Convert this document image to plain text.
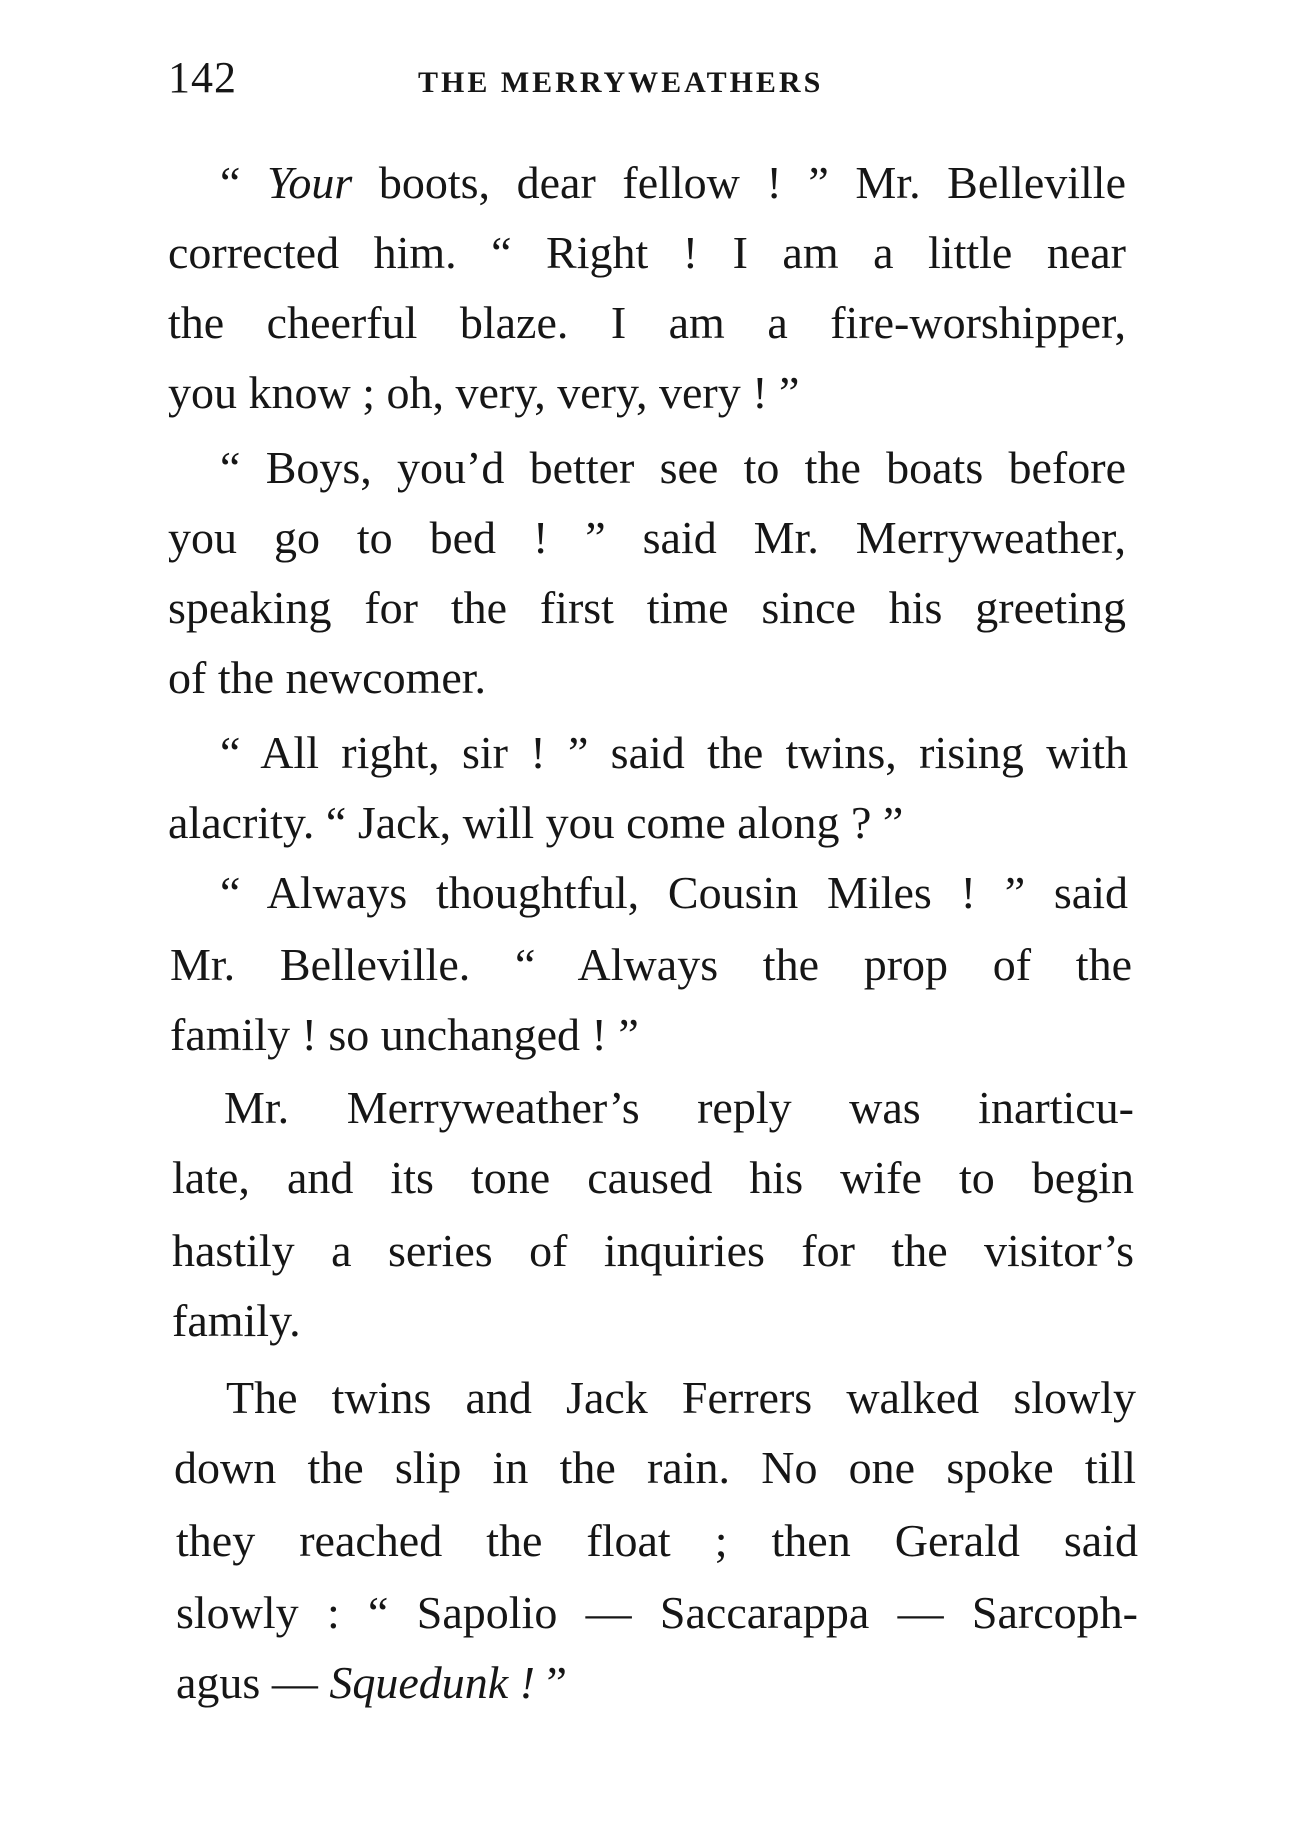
142	THE MERRYWEATHERS
“ Your boots, dear fellow ! ” Mr. Belleville
corrected him. “ Right ! I am a little near
the cheerful blaze. I am a fire-worshipper,
you know ; oh, very, very, very ! ”
“ Boys, you’d better see to the boats before
you go to bed ! ” said Mr. Merryweather,
speaking for the first time since his greeting
of the newcomer.
“ All right, sir ! ” said the twins, rising with
alacrity. “ Jack, will you come along ? ”
“ Always thoughtful, Cousin Miles ! ” said
Mr. Belleville. “ Always the prop of the
family ! so unchanged ! ”
Mr. Merryweather’s reply was inarticu-
late, and its tone caused his wife to begin
hastily a series of inquiries for the visitor’s
family.
The twins and Jack Ferrers walked slowly
down the slip in the rain. No one spoke till
they reached the float ; then Gerald said
slowly : “ Sapolio — Saccarappa — Sarcoph-
agus — Squedunk ! ”
